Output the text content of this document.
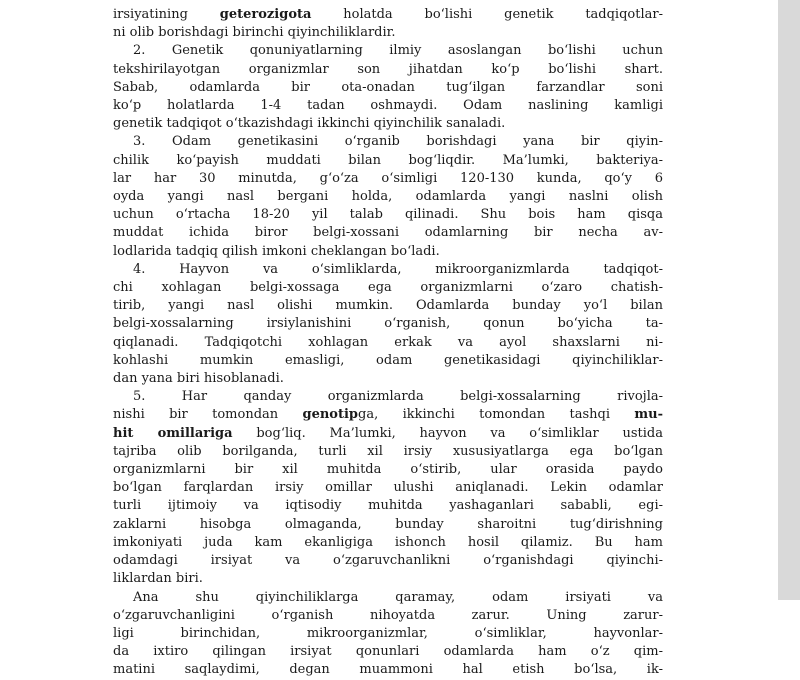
irsiyatining geterozigota holatda bo‘lishi genetik tadqiqotlar-
ni olib borishdagi birinchi qiyinchiliklardir.
2. Genetik qonuniyatlarning ilmiy asoslangan bo‘lishi uchun
tekshirilayotgan organizmlar son jihatdan ko‘p bo‘lishi shart.
Sabab, odamlarda bir ota-onadan tug‘ilgan farzandlar soni
ko‘p holatlarda 1-4 tadan oshmaydi. Odam naslining kamligi
genetik tadqiqot o‘tkazishdagi ikkinchi qiyinchilik sanaladi.
3. Odam genetikasini o‘rganib borishdagi yana bir qiyin-
chilik ko‘payish muddati bilan bog‘liqdir. Ma’lumki, bakteriya-
lar har 30 minutda, g‘o‘za o‘simligi 120-130 kunda, qo‘y 6
oyda yangi nasl bergani holda, odamlarda yangi naslni olish
uchun o‘rtacha 18-20 yil talab qilinadi. Shu bois ham qisqa
muddat ichida biror belgi-xossani odamlarning bir necha av-
lodlarida tadqiq qilish imkoni cheklangan bo‘ladi.
4. Hayvon va o‘simliklarda, mikroorganizmlarda tadqiqot-
chi xohlagan belgi-xossaga ega organizmlarni o‘zaro chatish-
tirib, yangi nasl olishi mumkin. Odamlarda bunday yo‘l bilan
belgi-xossalarning irsiylanishini o‘rganish, qonun bo‘yicha ta-
qiqlanadi. Tadqiqotchi xohlagan erkak va ayol shaxslarni ni-
kohlashi mumkin emasligi, odam genetikasidagi qiyinchiliklar-
dan yana biri hisoblanadi.
5. Har qanday organizmlarda belgi-xossalarning rivojla-
nishi bir tomondan genotipga, ikkinchi tomondan tashqi mu-
hit omillariga bog‘liq. Ma’lumki, hayvon va o‘simliklar ustida
tajriba olib borilganda, turli xil irsiy xususiyatlarga ega bo‘lgan
organizmlarni bir xil muhitda o‘stirib, ular orasida paydo
bo‘lgan farqlardan irsiy omillar ulushi aniqlanadi. Lekin odamlar
turli ijtimoiy va iqtisodiy muhitda yashaganlari sababli, egi-
zaklarni hisobga olmaganda, bunday sharoitni tug‘dirishning
imkoniyati juda kam ekanligiga ishonch hosil qilamiz. Bu ham
odamdagi irsiyat va o‘zgaruvchanlikni o‘rganishdagi qiyinchi-
liklardan biri.
Ana shu qiyinchiliklarga qaramay, odam irsiyati va
o‘zgaruvchanligini o‘rganish nihoyatda zarur. Uning zarur-
ligi birinchidan, mikroorganizmlar, o‘simliklar, hayvonlar-
da ixtiro qilingan irsiyat qonunlari odamlarda ham o‘z qim-
matini saqlaydimi, degan muammoni hal etish bo‘lsa, ik-
